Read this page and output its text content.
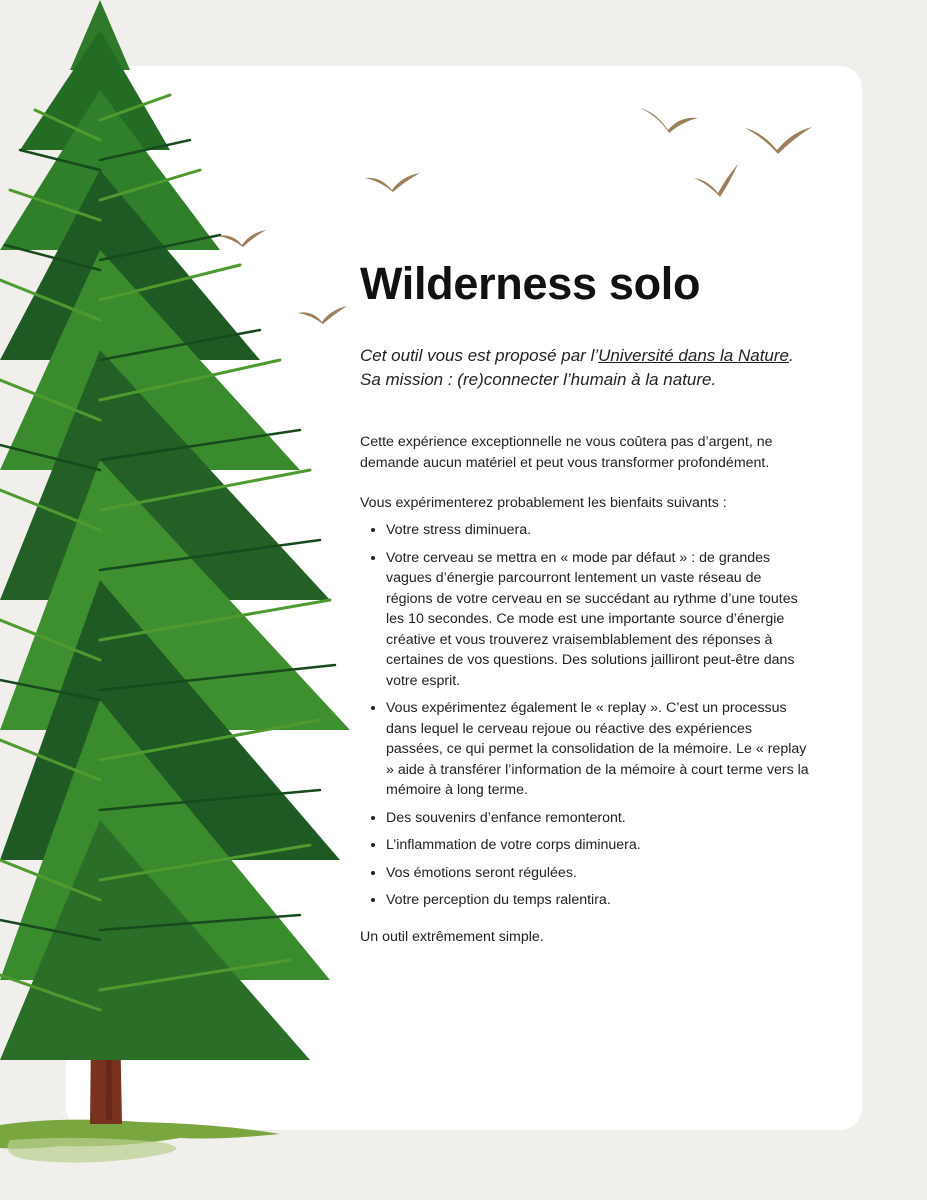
Wilderness solo
Cet outil vous est proposé par l’Université dans la Nature.
Sa mission : (re)connecter l’humain à la nature.
Cette expérience exceptionnelle ne vous coûtera pas d’argent, ne demande aucun matériel et peut vous transformer profondément.
Vous expérimenterez probablement les bienfaits suivants :
• Votre stress diminuera.
• Votre cerveau se mettra en « mode par défaut » : de grandes vagues d’énergie parcourront lentement un vaste réseau de régions de votre cerveau en se succédant au rythme d’une toutes les 10 secondes. Ce mode est une importante source d’énergie créative et vous trouverez vraisemblablement des réponses à certaines de vos questions. Des solutions jailliront peut-être dans votre esprit.
• Vous expérimentez également le « replay ». C’est un processus dans lequel le cerveau rejoue ou réactive des expériences passées, ce qui permet la consolidation de la mémoire. Le « replay » aide à transférer l’information de la mémoire à court terme vers la mémoire à long terme.
• Des souvenirs d’enfance remonteront.
• L’inflammation de votre corps diminuera.
• Vos émotions seront régulées.
• Votre perception du temps ralentira.
Un outil extrêmement simple.
